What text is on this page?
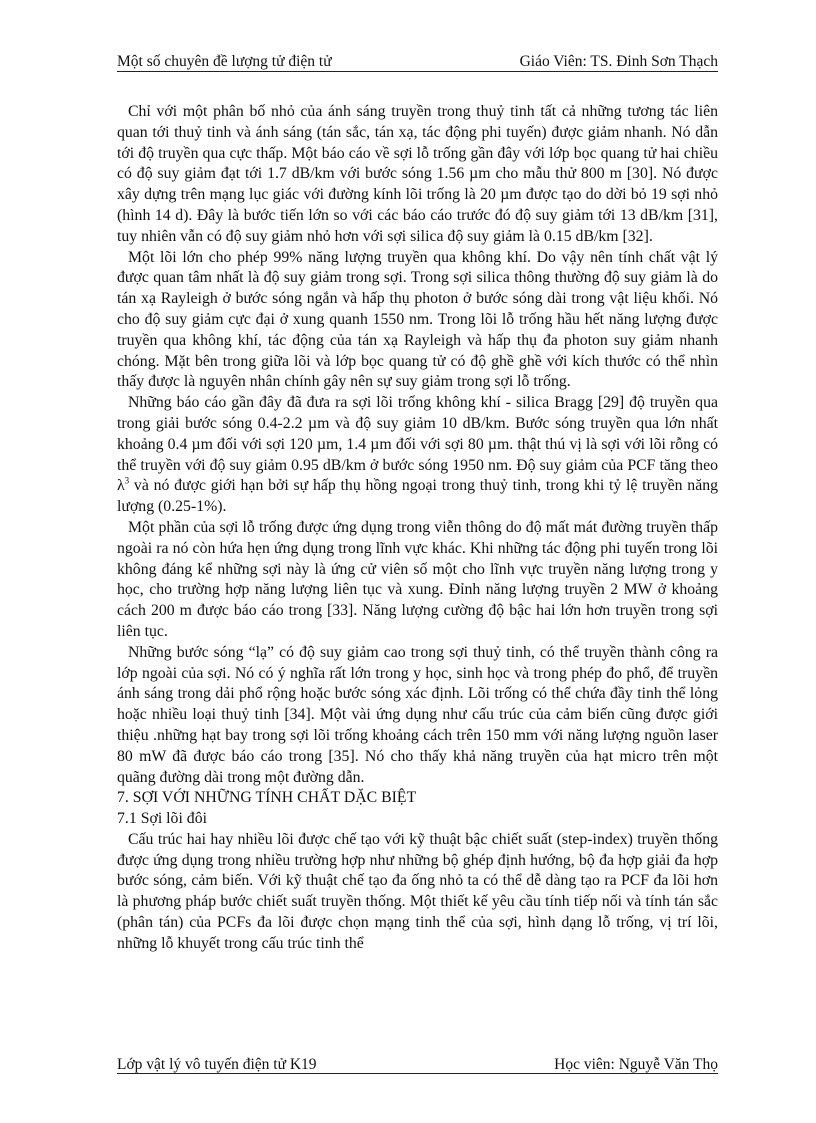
Một số chuyên đề lượng tử điện tử	Giáo Viên: TS. Đinh Sơn Thạch

Chỉ với một phân bố nhỏ của ánh sáng truyền trong thuỷ tinh tất cả những tương tác liên quan tới thuỷ tinh và ánh sáng (tán sắc, tán xạ, tác động phi tuyến) được giảm nhanh. Nó dẫn tới độ truyền qua cực thấp. Một báo cáo về sợi lỗ trống gần đây với lớp bọc quang tử hai chiều có độ suy giảm đạt tới 1.7 dB/km với bước sóng 1.56 µm cho mẫu thử 800 m [30]. Nó được xây dựng trên mạng lục giác với đường kính lõi trống là 20 µm được tạo do dời bỏ 19 sợi nhỏ (hình 14 d). Đây là bước tiến lớn so với các báo cáo trước đó độ suy giảm tới 13 dB/km [31], tuy nhiên vẫn có độ suy giảm nhỏ hơn với sợi silica độ suy giảm là 0.15 dB/km [32].

Một lõi lớn cho phép 99% năng lượng truyền qua không khí. Do vậy nên tính chất vật lý được quan tâm nhất là độ suy giảm trong sợi. Trong sợi silica thông thường độ suy giảm là do tán xạ Rayleigh ở bước sóng ngắn và hấp thụ photon ở bước sóng dài trong vật liệu khối. Nó cho độ suy giảm cực đại ở xung quanh 1550 nm. Trong lõi lỗ trống hầu hết năng lượng được truyền qua không khí, tác động của tán xạ Rayleigh và hấp thụ đa photon suy giảm nhanh chóng. Mặt bên trong giữa lõi và lớp bọc quang tử có độ ghề ghề với kích thước có thể nhìn thấy được là nguyên nhân chính gây nên sự suy giảm trong sợi lỗ trống.

Những báo cáo gần đây đã đưa ra sợi lõi trống không khí - silica Bragg [29] độ truyền qua trong giải bước sóng 0.4-2.2 µm và độ suy giảm 10 dB/km. Bước sóng truyền qua lớn nhất khoảng 0.4 µm đối với sợi 120 µm, 1.4 µm đối với sợi 80 µm. thật thú vị là sợi với lõi rỗng có thể truyền với độ suy giảm 0.95 dB/km ở bước sóng 1950 nm. Độ suy giảm của PCF tăng theo $\lambda^3$ và nó được giới hạn bởi sự hấp thụ hồng ngoại trong thuỷ tinh, trong khi tỷ lệ truyền năng lượng (0.25-1%).

Một phần của sợi lỗ trống được ứng dụng trong viễn thông do độ mất mát đường truyền thấp ngoài ra nó còn hứa hẹn ứng dụng trong lĩnh vực khác. Khi những tác động phi tuyến trong lõi không đáng kể những sợi này là ứng cử viên số một cho lĩnh vực truyền năng lượng trong y học, cho trường hợp năng lượng liên tục và xung. Đỉnh năng lượng truyền 2 MW ở khoảng cách 200 m được báo cáo trong [33]. Năng lượng cường độ bậc hai lớn hơn truyền trong sợi liên tục.

Những bước sóng “lạ” có độ suy giảm cao trong sợi thuỷ tinh, có thể truyền thành công ra lớp ngoài của sợi. Nó có ý nghĩa rất lớn trong y học, sinh học và trong phép đo phổ, để truyền ánh sáng trong dải phổ rộng hoặc bước sóng xác định. Lõi trống có thể chứa đầy tinh thể lỏng hoặc nhiều loại thuỷ tinh [34]. Một vài ứng dụng như cấu trúc của cảm biến cũng được giới thiệu .những hạt bay trong sợi lõi trống khoảng cách trên 150 mm với năng lượng nguồn laser 80 mW đã được báo cáo trong [35]. Nó cho thấy khả năng truyền của hạt micro trên một quãng đường dài trong một đường dẫn.

7. SỢI VỚI NHỮNG TÍNH CHẤT DẶC BIỆT

7.1 Sợi lõi đôi

Cấu trúc hai hay nhiều lõi được chế tạo với kỹ thuật bậc chiết suất (step-index) truyền thống được ứng dụng trong nhiều trường hợp như những bộ ghép định hướng, bộ đa hợp giải đa hợp bước sóng, cảm biến. Với kỹ thuật chế tạo đa ống nhỏ ta có thể dễ dàng tạo ra PCF đa lõi hơn là phương pháp bước chiết suất truyền thống. Một thiết kế yêu cầu tính tiếp nối và tính tán sắc (phân tán) của PCFs đa lõi được chọn mạng tinh thể của sợi, hình dạng lỗ trống, vị trí lõi, những lỗ khuyết trong cấu trúc tinh thể

Lớp vật lý vô tuyến điện tử K19	Học viên: Nguyễ Văn Thọ
